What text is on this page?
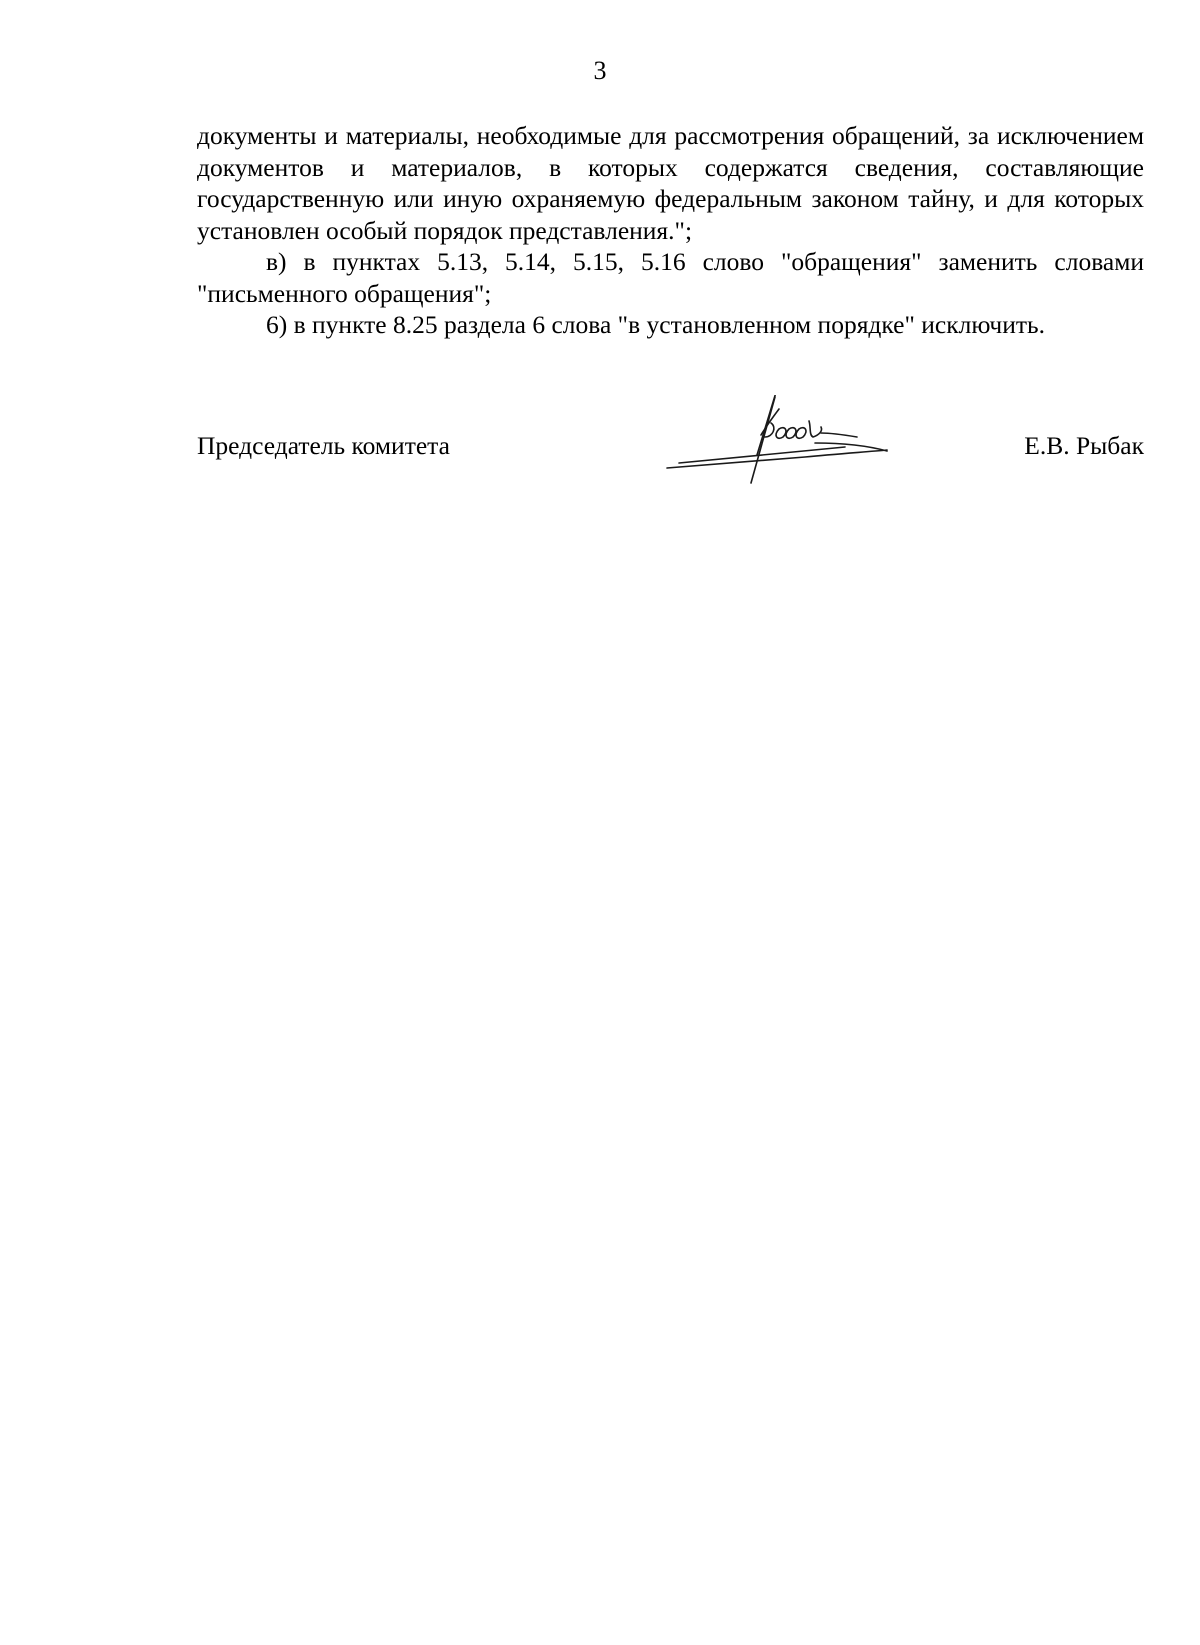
3

документы и материалы, необходимые для рассмотрения обращений, за исключением документов и материалов, в которых содержатся сведения, составляющие государственную или иную охраняемую федеральным законом тайну, и для которых установлен особый порядок представления.";

в) в пунктах 5.13, 5.14, 5.15, 5.16 слово "обращения" заменить словами "письменного обращения";

6) в пункте 8.25 раздела 6 слова "в установленном порядке" исключить.

Председатель комитета	Е.В. Рыбак
